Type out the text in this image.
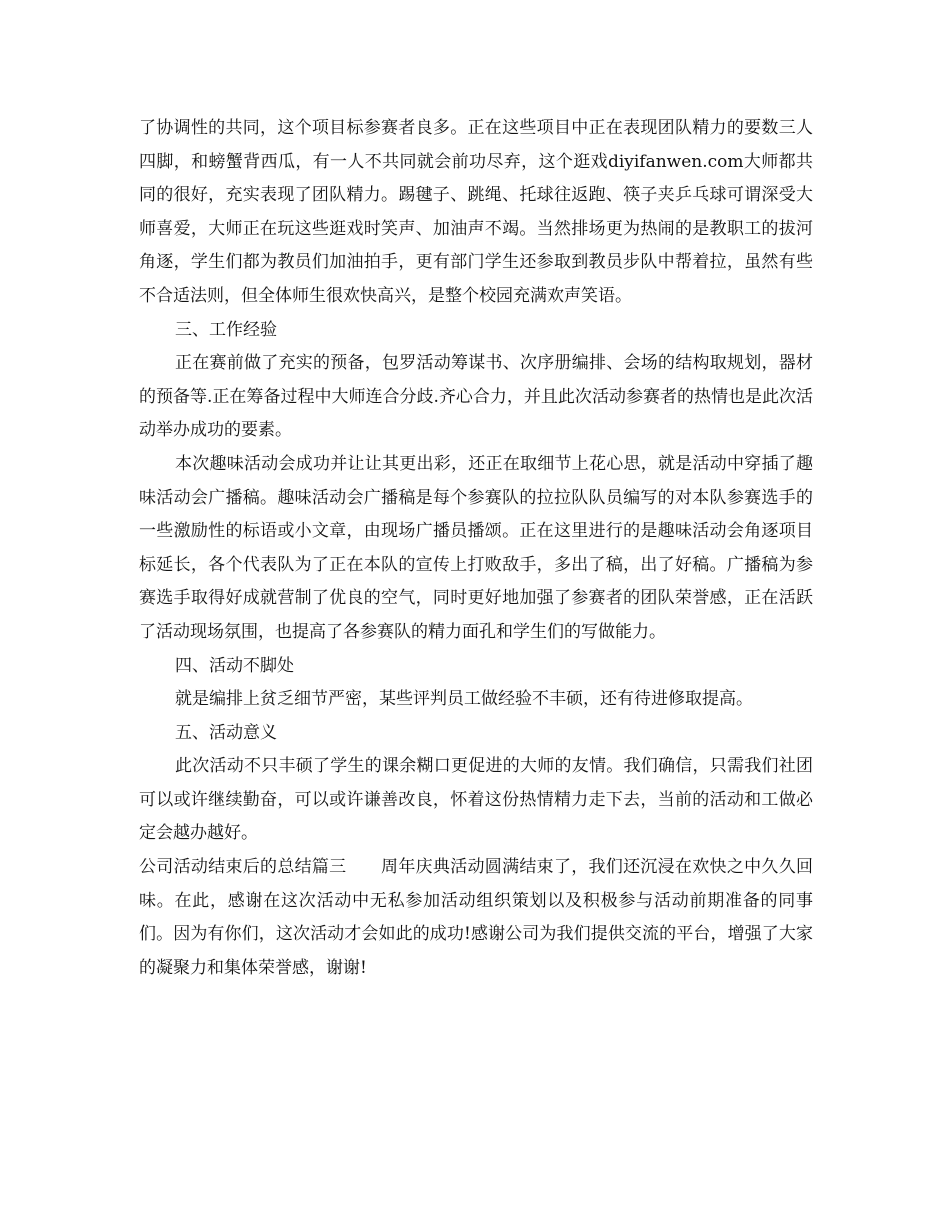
了协调性的共同，这个项目标参赛者良多。正在这些项目中正在表现团队精力的要数三人四脚，和螃蟹背西瓜，有一人不共同就会前功尽弃，这个逛戏diyifanwen.com大师都共同的很好，充实表现了团队精力。踢毽子、跳绳、托球往返跑、筷子夹乒乓球可谓深受大师喜爱，大师正在玩这些逛戏时笑声、加油声不竭。当然排场更为热闹的是教职工的拔河角逐，学生们都为教员们加油拍手，更有部门学生还参取到教员步队中帮着拉，虽然有些不合适法则，但全体师生很欢快高兴，是整个校园充满欢声笑语。

三、工作经验

正在赛前做了充实的预备，包罗活动筹谋书、次序册编排、会场的结构取规划，器材的预备等.正在筹备过程中大师连合分歧.齐心合力，并且此次活动参赛者的热情也是此次活动举办成功的要素。

本次趣味活动会成功并让让其更出彩，还正在取细节上花心思，就是活动中穿插了趣味活动会广播稿。趣味活动会广播稿是每个参赛队的拉拉队队员编写的对本队参赛选手的一些激励性的标语或小文章，由现场广播员播颂。正在这里进行的是趣味活动会角逐项目标延长，各个代表队为了正在本队的宣传上打败敌手，多出了稿，出了好稿。广播稿为参赛选手取得好成就营制了优良的空气，同时更好地加强了参赛者的团队荣誉感，正在活跃了活动现场氛围，也提高了各参赛队的精力面孔和学生们的写做能力。

四、活动不脚处

就是编排上贫乏细节严密，某些评判员工做经验不丰硕，还有待进修取提高。

五、活动意义

此次活动不只丰硕了学生的课余糊口更促进的大师的友情。我们确信，只需我们社团可以或许继续勤奋，可以或许谦善改良，怀着这份热情精力走下去，当前的活动和工做必定会越办越好。

公司活动结束后的总结篇三　　周年庆典活动圆满结束了，我们还沉浸在欢快之中久久回味。在此，感谢在这次活动中无私参加活动组织策划以及积极参与活动前期准备的同事们。因为有你们，这次活动才会如此的成功!感谢公司为我们提供交流的平台，增强了大家的凝聚力和集体荣誉感，谢谢!
